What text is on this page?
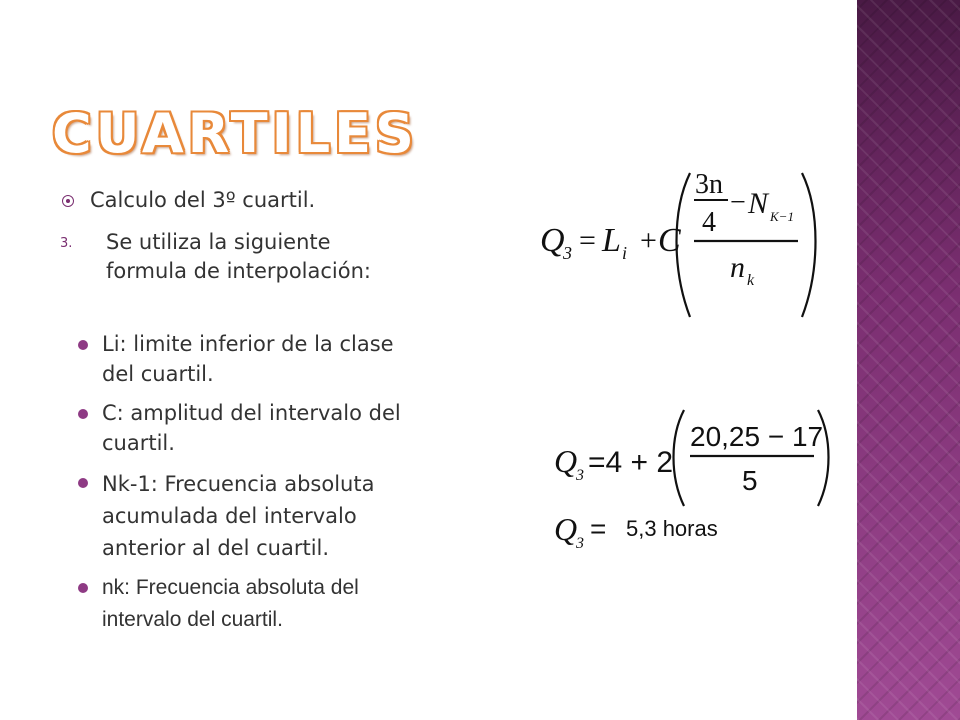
CUARTILES
Calculo del 3º cuartil.
3. Se utiliza la siguiente
formula de interpolación:
Li: limite inferior de la clase
del cuartil.
C: amplitud del intervalo del
cuartil.
Nk-1: Frecuencia absoluta
acumulada del intervalo
anterior al del cuartil.
nk: Frecuencia absoluta del
intervalo del cuartil.
Q
3 = L i + C
3n
4
− N K−1
n k
Q
3 =4 + 2
20,25 − 17
5
Q
3 = 5,3 horas
